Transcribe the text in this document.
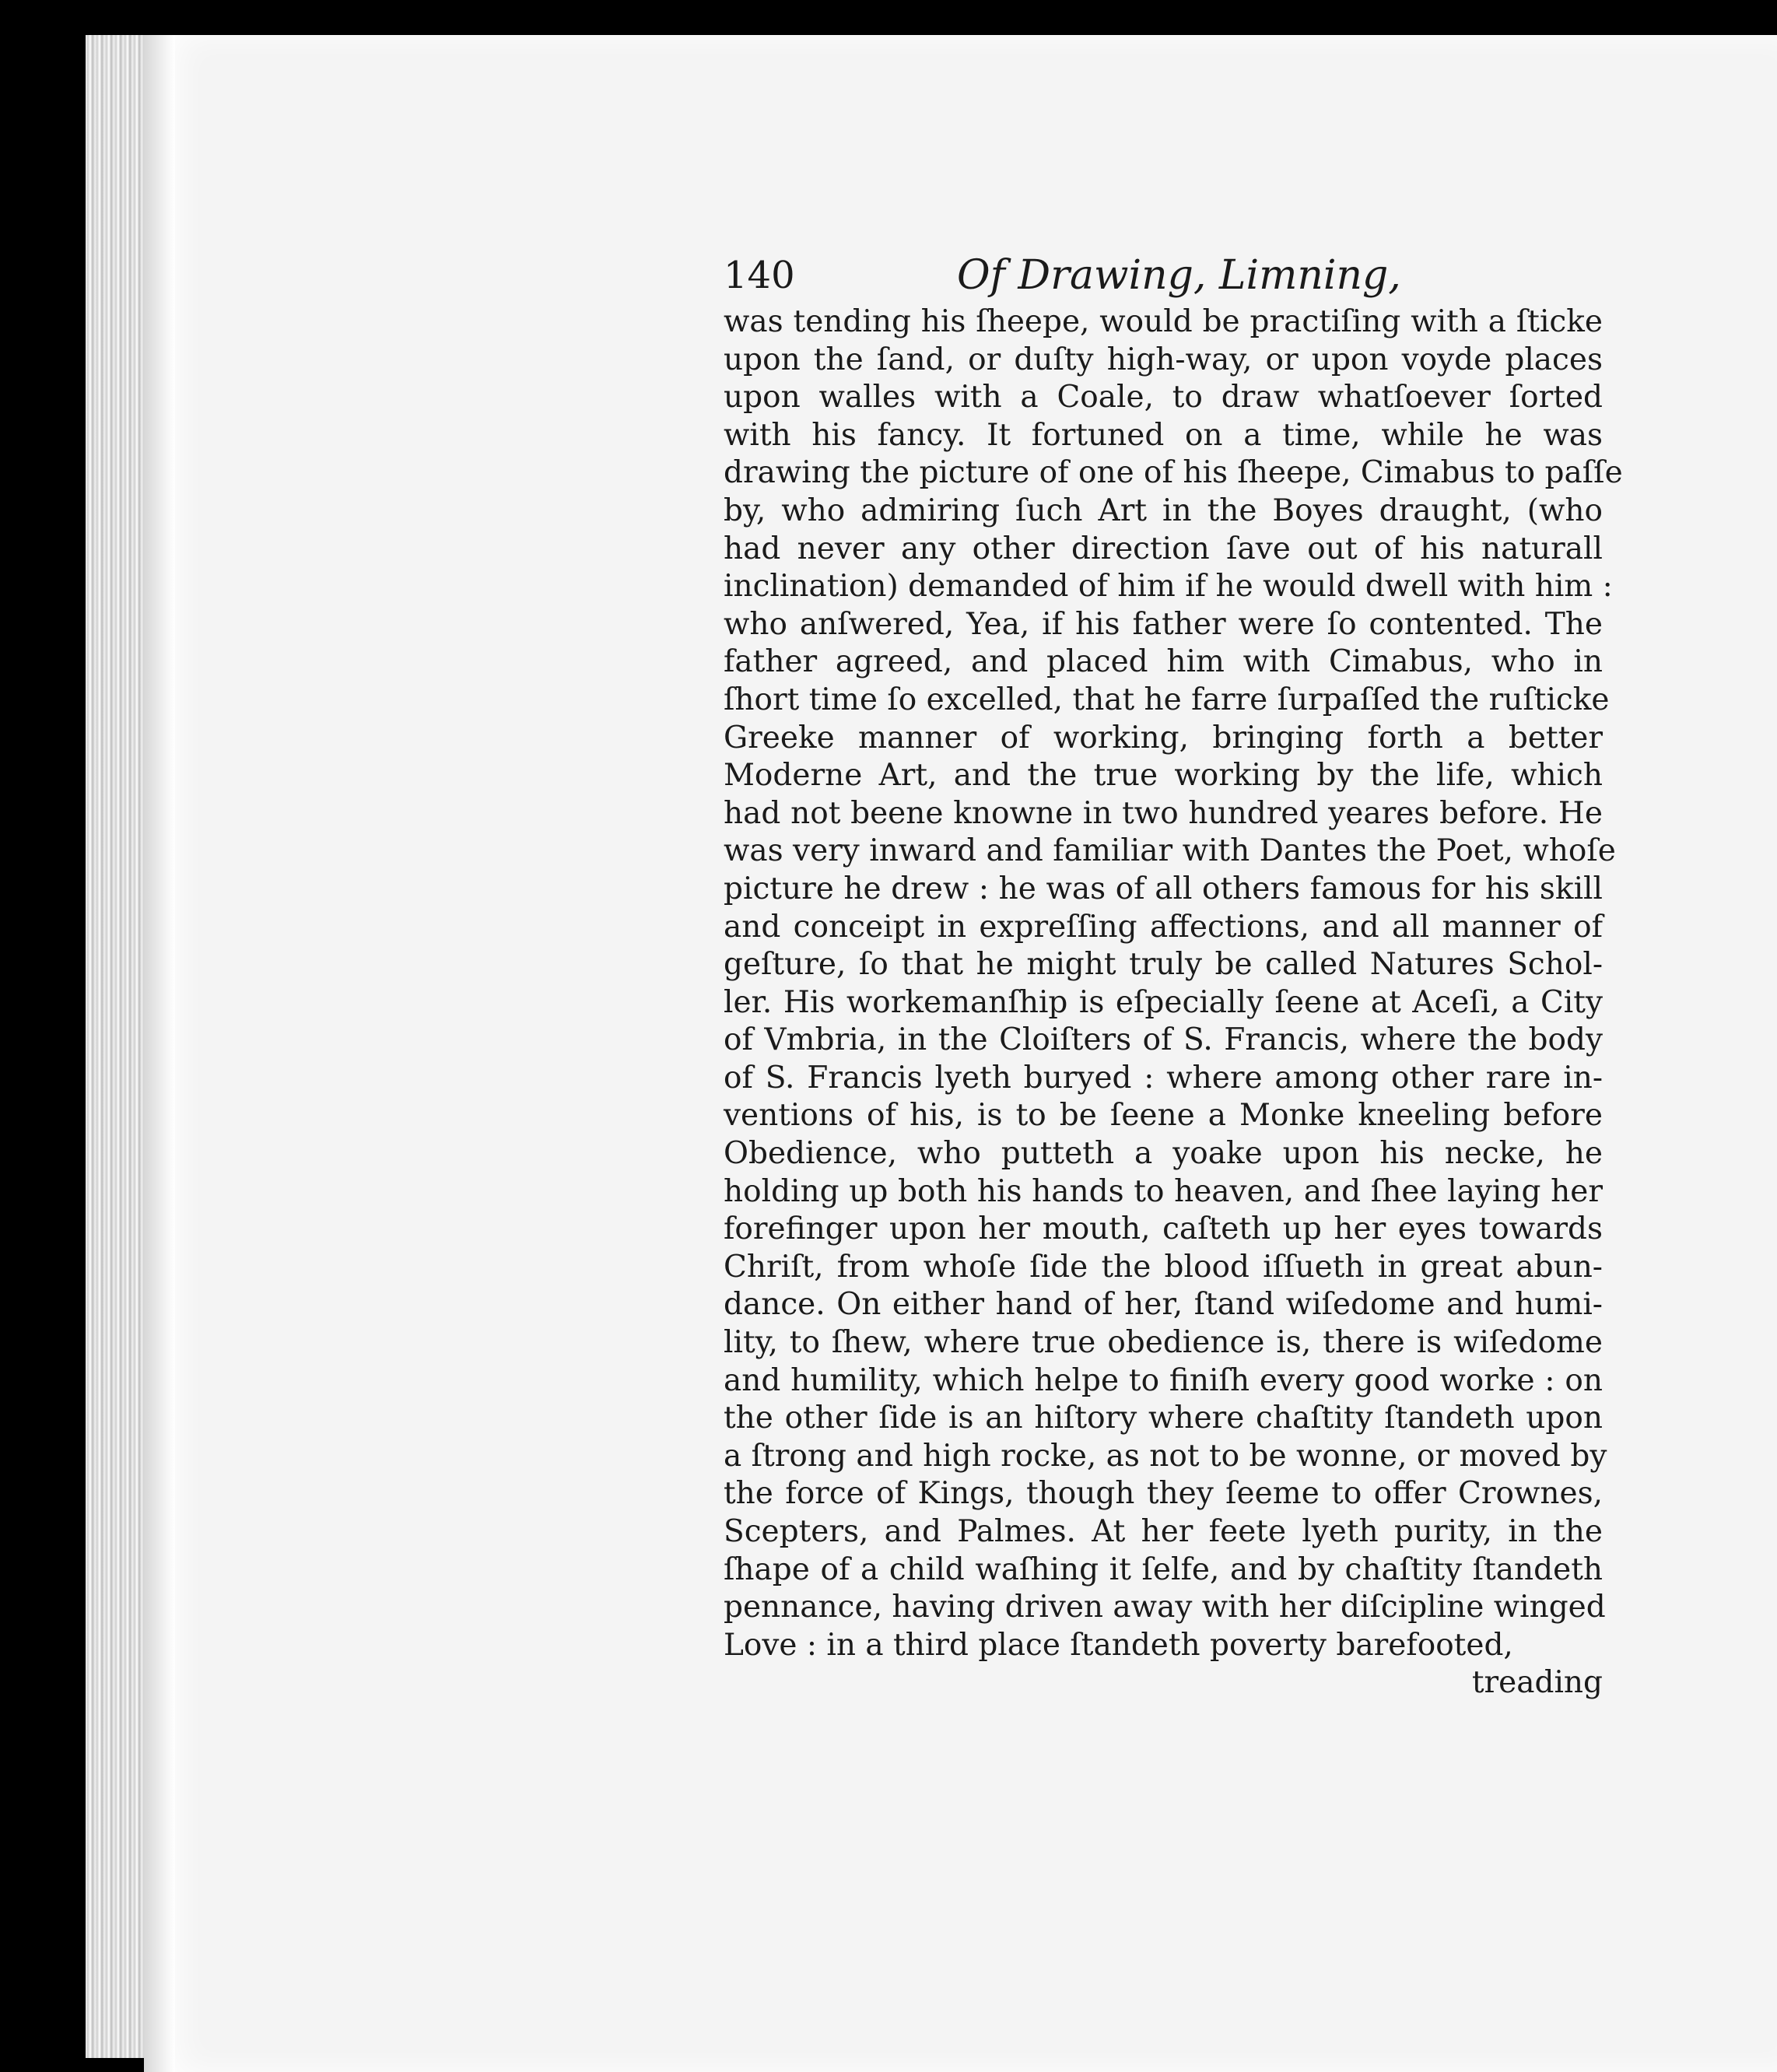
140	Of Drawing, Limning,
was tending his ſheepe, would be practiſing with a ſticke
upon the ſand, or duſty high-way, or upon voyde places
upon walles with a Coale, to draw whatſoever ſorted
with his fancy. It fortuned on a time, while he was
drawing the picture of one of his ſheepe, Cimabus to paſſe
by, who admiring ſuch Art in the Boyes draught, (who
had never any other direction ſave out of his naturall
inclination) demanded of him if he would dwell with him :
who anſwered, Yea, if his father were ſo contented. The
father agreed, and placed him with Cimabus, who in
ſhort time ſo excelled, that he farre ſurpaſſed the ruſticke
Greeke manner of working, bringing forth a better
Moderne Art, and the true working by the life, which
had not beene knowne in two hundred yeares before. He
was very inward and familiar with Dantes the Poet, whoſe
picture he drew : he was of all others famous for his skill
and conceipt in expreſſing affections, and all manner of
geſture, ſo that he might truly be called Natures Schol-
ler. His workemanſhip is eſpecially ſeene at Aceſi, a City
of Vmbria, in the Cloiſters of S. Francis, where the body
of S. Francis lyeth buryed : where among other rare in-
ventions of his, is to be ſeene a Monke kneeling before
Obedience, who putteth a yoake upon his necke, he
holding up both his hands to heaven, and ſhee laying her
forefinger upon her mouth, caſteth up her eyes towards
Chriſt, from whoſe ſide the blood iſſueth in great abun-
dance. On either hand of her, ſtand wiſedome and humi-
lity, to ſhew, where true obedience is, there is wiſedome
and humility, which helpe to finiſh every good worke : on
the other ſide is an hiſtory where chaſtity ſtandeth upon
a ſtrong and high rocke, as not to be wonne, or moved by
the force of Kings, though they ſeeme to offer Crownes,
Scepters, and Palmes. At her feete lyeth purity, in the
ſhape of a child waſhing it ſelfe, and by chaſtity ſtandeth
pennance, having driven away with her diſcipline winged
Love : in a third place ſtandeth poverty barefooted,
treading
